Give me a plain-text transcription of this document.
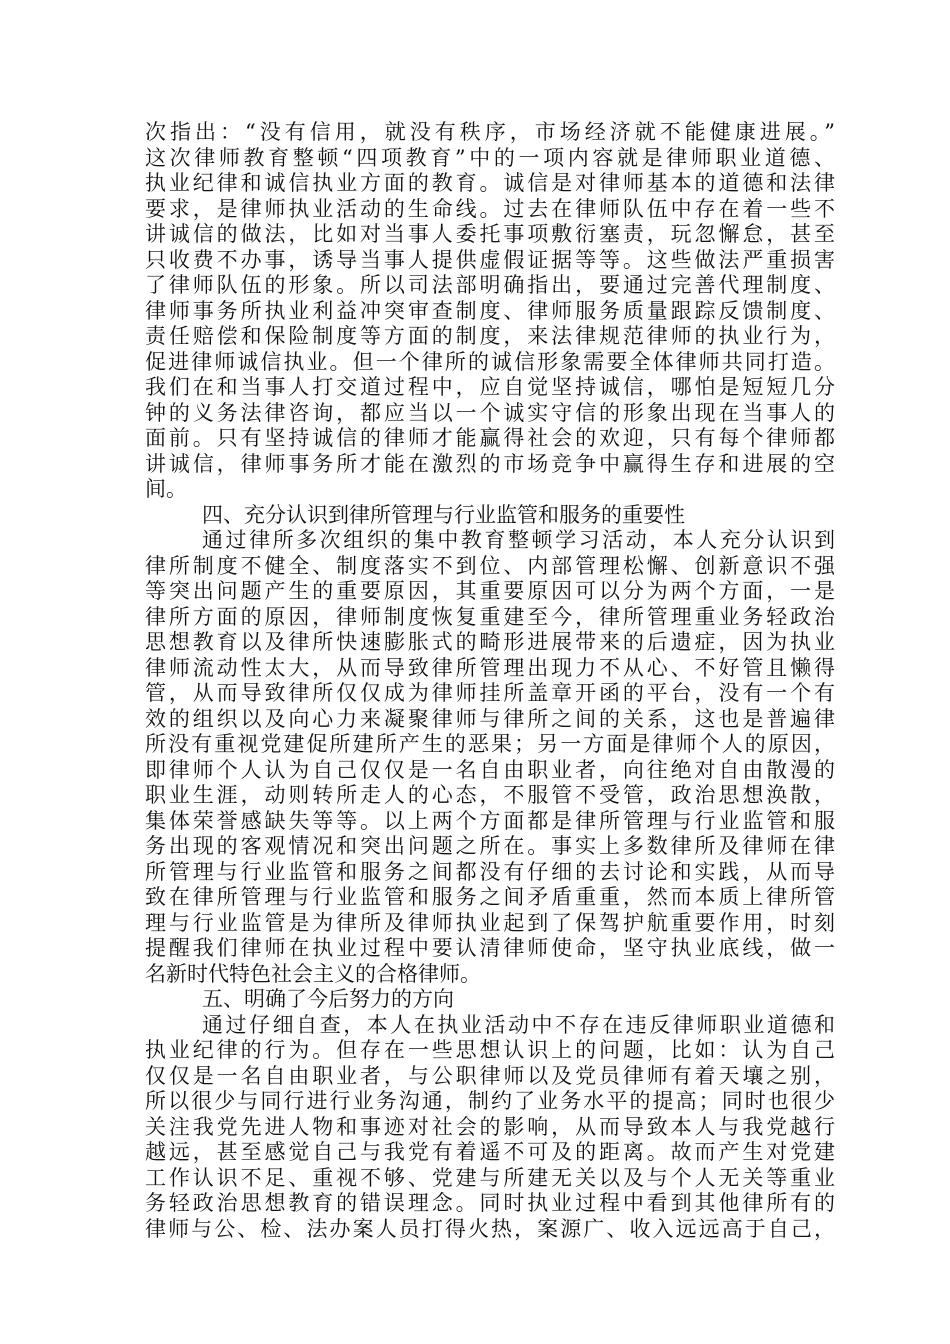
次指出：“没有信用，就没有秩序，市场经济就不能健康进展。”
这次律师教育整顿“四项教育”中的一项内容就是律师职业道德、
执业纪律和诚信执业方面的教育。诚信是对律师基本的道德和法律
要求，是律师执业活动的生命线。过去在律师队伍中存在着一些不
讲诚信的做法，比如对当事人委托事项敷衍塞责，玩忽懈怠，甚至
只收费不办事，诱导当事人提供虚假证据等等。这些做法严重损害
了律师队伍的形象。所以司法部明确指出，要通过完善代理制度、
律师事务所执业利益冲突审查制度、律师服务质量跟踪反馈制度、
责任赔偿和保险制度等方面的制度，来法律规范律师的执业行为，
促进律师诚信执业。但一个律所的诚信形象需要全体律师共同打造。
我们在和当事人打交道过程中，应自觉坚持诚信，哪怕是短短几分
钟的义务法律咨询，都应当以一个诚实守信的形象出现在当事人的
面前。只有坚持诚信的律师才能赢得社会的欢迎，只有每个律师都
讲诚信，律师事务所才能在激烈的市场竞争中赢得生存和进展的空
间。
四、充分认识到律所管理与行业监管和服务的重要性
通过律所多次组织的集中教育整顿学习活动，本人充分认识到
律所制度不健全、制度落实不到位、内部管理松懈、创新意识不强
等突出问题产生的重要原因，其重要原因可以分为两个方面，一是
律所方面的原因，律师制度恢复重建至今，律所管理重业务轻政治
思想教育以及律所快速膨胀式的畸形进展带来的后遗症，因为执业
律师流动性太大，从而导致律所管理出现力不从心、不好管且懒得
管，从而导致律所仅仅成为律师挂所盖章开函的平台，没有一个有
效的组织以及向心力来凝聚律师与律所之间的关系，这也是普遍律
所没有重视党建促所建所产生的恶果；另一方面是律师个人的原因，
即律师个人认为自己仅仅是一名自由职业者，向往绝对自由散漫的
职业生涯，动则转所走人的心态，不服管不受管，政治思想涣散，
集体荣誉感缺失等等。以上两个方面都是律所管理与行业监管和服
务出现的客观情况和突出问题之所在。事实上多数律所及律师在律
所管理与行业监管和服务之间都没有仔细的去讨论和实践，从而导
致在律所管理与行业监管和服务之间矛盾重重，然而本质上律所管
理与行业监管是为律所及律师执业起到了保驾护航重要作用，时刻
提醒我们律师在执业过程中要认清律师使命，坚守执业底线，做一
名新时代特色社会主义的合格律师。
五、明确了今后努力的方向
通过仔细自查，本人在执业活动中不存在违反律师职业道德和
执业纪律的行为。但存在一些思想认识上的问题，比如：认为自己
仅仅是一名自由职业者，与公职律师以及党员律师有着天壤之别，
所以很少与同行进行业务沟通，制约了业务水平的提高；同时也很少
关注我党先进人物和事迹对社会的影响，从而导致本人与我党越行
越远，甚至感觉自己与我党有着遥不可及的距离。故而产生对党建
工作认识不足、重视不够、党建与所建无关以及与个人无关等重业
务轻政治思想教育的错误理念。同时执业过程中看到其他律所有的
律师与公、检、法办案人员打得火热，案源广、收入远远高于自己，
